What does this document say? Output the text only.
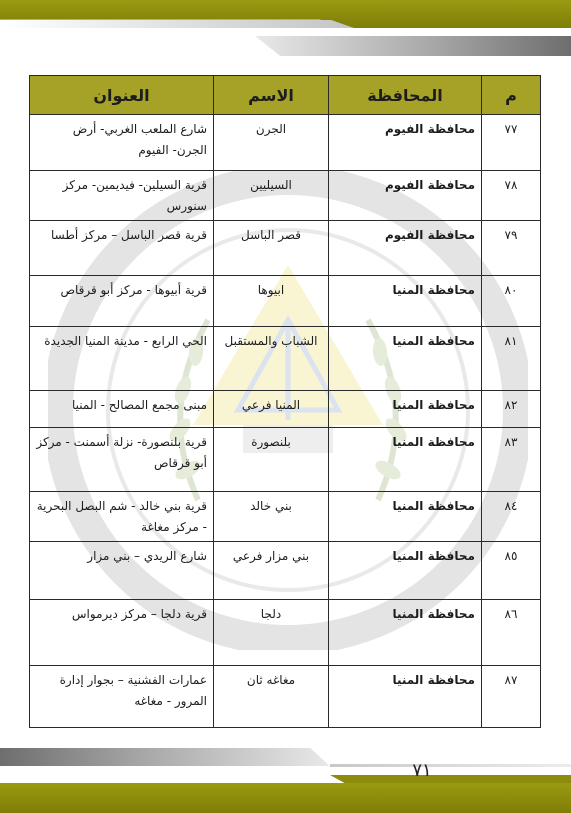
م	المحافظة	الاسم	العنوان
٧٧	محافظة الفيوم	الجرن	شارع الملعب الغربي- أرض الجرن- الفيوم
٧٨	محافظة الفيوم	السيليين	قرية السيلين- فيديمين- مركز سنورس
٧٩	محافظة الفيوم	قصر الباسل	قرية قصر الباسل – مركز أطسا
٨٠	محافظة المنيا	ابيوها	قرية أبيوها - مركز أبو قرقاص
٨١	محافظة المنيا	الشباب والمستقبل	الحي الرابع - مدينة المنيا الجديدة
٨٢	محافظة المنيا	المنيا فرعي	مبنى مجمع المصالح - المنيا
٨٣	محافظة المنيا	بلنصورة	قرية بلنصورة- نزلة أسمنت - مركز أبو قرقاص
٨٤	محافظة المنيا	بني خالد	قرية بني خالد - شم البصل البحرية - مركز مغاغة
٨٥	محافظة المنيا	بني مزار فرعي	شارع الريدي – بني مزار
٨٦	محافظة المنيا	دلجا	قرية دلجا – مركز ديرمواس
٨٧	محافظة المنيا	مغاغه ثان	عمارات الفشنية – بجوار إدارة المرور - مغاغه
٧١
